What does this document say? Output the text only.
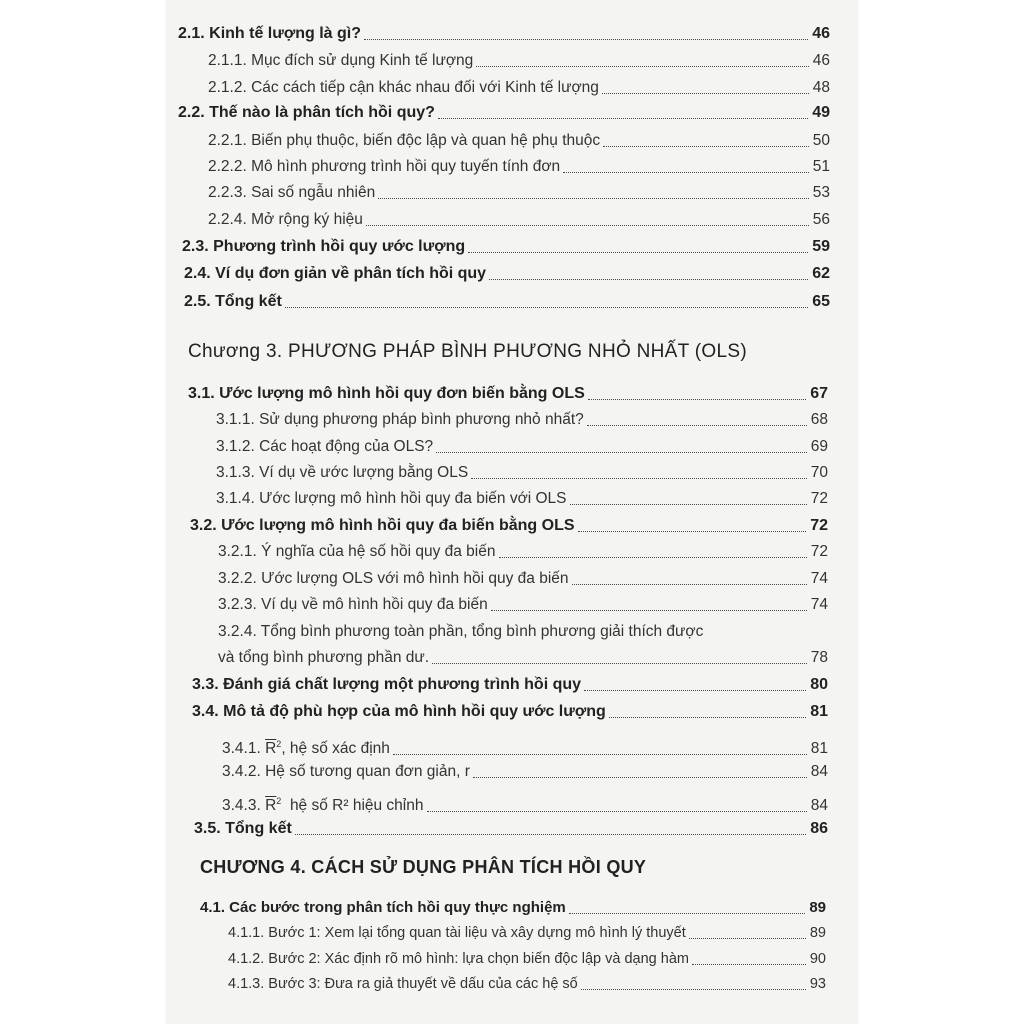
2.1. Kinh tế lượng là gì?	46
2.1.1. Mục đích sử dụng Kinh tế lượng	46
2.1.2. Các cách tiếp cận khác nhau đối với Kinh tế lượng	48
2.2. Thế nào là phân tích hồi quy?	49
2.2.1. Biến phụ thuộc, biến độc lập và quan hệ phụ thuộc	50
2.2.2. Mô hình phương trình hồi quy tuyến tính đơn	51
2.2.3. Sai số ngẫu nhiên	53
2.2.4. Mở rộng ký hiệu	56
2.3. Phương trình hồi quy ước lượng	59
2.4. Ví dụ đơn giản về phân tích hồi quy	62
2.5. Tổng kết	65
Chương 3. PHƯƠNG PHÁP BÌNH PHƯƠNG NHỎ NHẤT (OLS)
3.1. Ước lượng mô hình hồi quy đơn biến bằng OLS	67
3.1.1. Sử dụng phương pháp bình phương nhỏ nhất?	68
3.1.2. Các hoạt động của OLS?	69
3.1.3. Ví dụ về ước lượng bằng OLS	70
3.1.4. Ước lượng mô hình hồi quy đa biến với OLS	72
3.2. Ước lượng mô hình hồi quy đa biến bằng OLS	72
3.2.1. Ý nghĩa của hệ số hồi quy đa biến	72
3.2.2. Ước lượng OLS với mô hình hồi quy đa biến	74
3.2.3. Ví dụ về mô hình hồi quy đa biến	74
3.2.4. Tổng bình phương toàn phần, tổng bình phương giải thích được
và tổng bình phương phần dư.	78
3.3. Đánh giá chất lượng một phương trình hồi quy	80
3.4. Mô tả độ phù hợp của mô hình hồi quy ước lượng	81
3.4.1. $\overline{R}^2$, hệ số xác định	81
3.4.2. Hệ số tương quan đơn giản, r	84
3.4.3. $\overline{R}^2$ hệ số R² hiệu chỉnh	84
3.5. Tổng kết	86
CHƯƠNG 4. CÁCH SỬ DỤNG PHÂN TÍCH HỒI QUY
4.1. Các bước trong phân tích hồi quy thực nghiệm	89
4.1.1. Bước 1: Xem lại tổng quan tài liệu và xây dựng mô hình lý thuyết	89
4.1.2. Bước 2: Xác định rõ mô hình: lựa chọn biến độc lập và dạng hàm	90
4.1.3. Bước 3: Đưa ra giả thuyết về dấu của các hệ số	93
